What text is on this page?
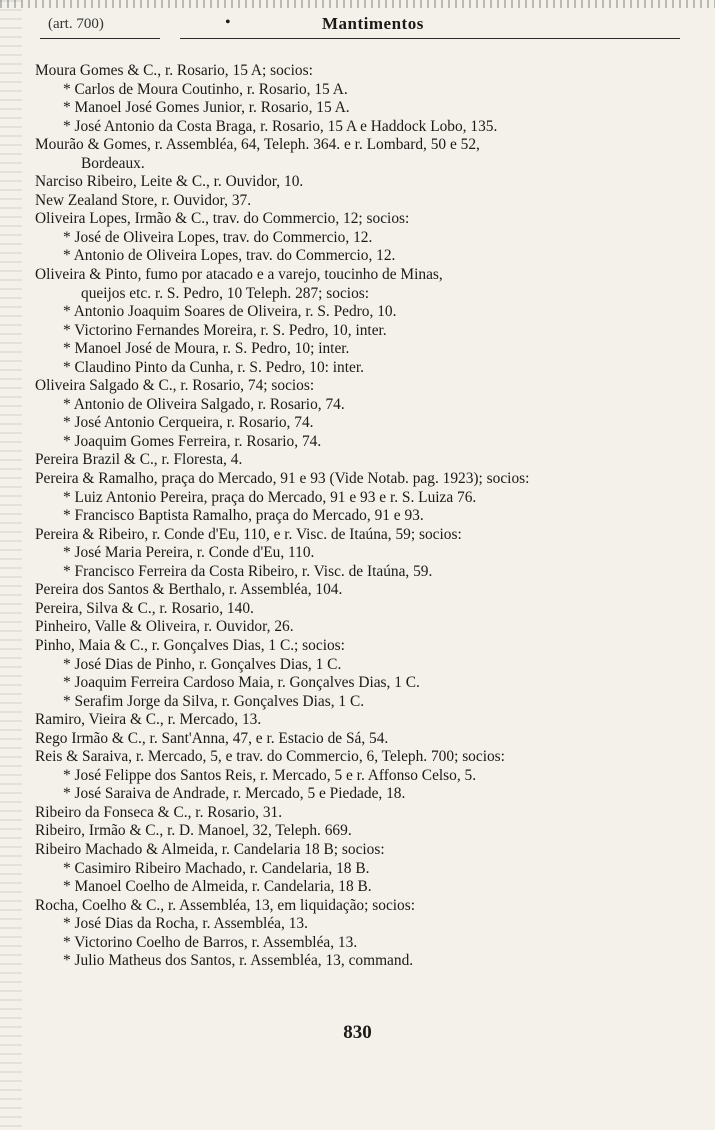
(art. 700)	•	Mantimentos
Moura Gomes & C., r. Rosario, 15 A; socios:
* Carlos de Moura Coutinho, r. Rosario, 15 A.
* Manoel José Gomes Junior, r. Rosario, 15 A.
* José Antonio da Costa Braga, r. Rosario, 15 A e Haddock Lobo, 135.
Mourão & Gomes, r. Assembléa, 64, Teleph. 364. e r. Lombard, 50 e 52,
Bordeaux.
Narciso Ribeiro, Leite & C., r. Ouvidor, 10.
New Zealand Store, r. Ouvidor, 37.
Oliveira Lopes, Irmão & C., trav. do Commercio, 12; socios:
* José de Oliveira Lopes, trav. do Commercio, 12.
* Antonio de Oliveira Lopes, trav. do Commercio, 12.
Oliveira & Pinto, fumo por atacado e a varejo, toucinho de Minas,
queijos etc. r. S. Pedro, 10 Teleph. 287; socios:
* Antonio Joaquim Soares de Oliveira, r. S. Pedro, 10.
* Victorino Fernandes Moreira, r. S. Pedro, 10, inter.
* Manoel José de Moura, r. S. Pedro, 10; inter.
* Claudino Pinto da Cunha, r. S. Pedro, 10: inter.
Oliveira Salgado & C., r. Rosario, 74; socios:
* Antonio de Oliveira Salgado, r. Rosario, 74.
* José Antonio Cerqueira, r. Rosario, 74.
* Joaquim Gomes Ferreira, r. Rosario, 74.
Pereira Brazil & C., r. Floresta, 4.
Pereira & Ramalho, praça do Mercado, 91 e 93 (Vide Notab. pag. 1923); socios:
* Luiz Antonio Pereira, praça do Mercado, 91 e 93 e r. S. Luiza 76.
* Francisco Baptista Ramalho, praça do Mercado, 91 e 93.
Pereira & Ribeiro, r. Conde d'Eu, 110, e r. Visc. de Itaúna, 59; socios:
* José Maria Pereira, r. Conde d'Eu, 110.
* Francisco Ferreira da Costa Ribeiro, r. Visc. de Itaúna, 59.
Pereira dos Santos & Berthalo, r. Assembléa, 104.
Pereira, Silva & C., r. Rosario, 140.
Pinheiro, Valle & Oliveira, r. Ouvidor, 26.
Pinho, Maia & C., r. Gonçalves Dias, 1 C.; socios:
* José Dias de Pinho, r. Gonçalves Dias, 1 C.
* Joaquim Ferreira Cardoso Maia, r. Gonçalves Dias, 1 C.
* Serafim Jorge da Silva, r. Gonçalves Dias, 1 C.
Ramiro, Vieira & C., r. Mercado, 13.
Rego Irmão & C., r. Sant'Anna, 47, e r. Estacio de Sá, 54.
Reis & Saraiva, r. Mercado, 5, e trav. do Commercio, 6, Teleph. 700; socios:
* José Felippe dos Santos Reis, r. Mercado, 5 e r. Affonso Celso, 5.
* José Saraiva de Andrade, r. Mercado, 5 e Piedade, 18.
Ribeiro da Fonseca & C., r. Rosario, 31.
Ribeiro, Irmão & C., r. D. Manoel, 32, Teleph. 669.
Ribeiro Machado & Almeida, r. Candelaria 18 B; socios:
* Casimiro Ribeiro Machado, r. Candelaria, 18 B.
* Manoel Coelho de Almeida, r. Candelaria, 18 B.
Rocha, Coelho & C., r. Assembléa, 13, em liquidação; socios:
* José Dias da Rocha, r. Assembléa, 13.
* Victorino Coelho de Barros, r. Assembléa, 13.
* Julio Matheus dos Santos, r. Assembléa, 13, command.
830
